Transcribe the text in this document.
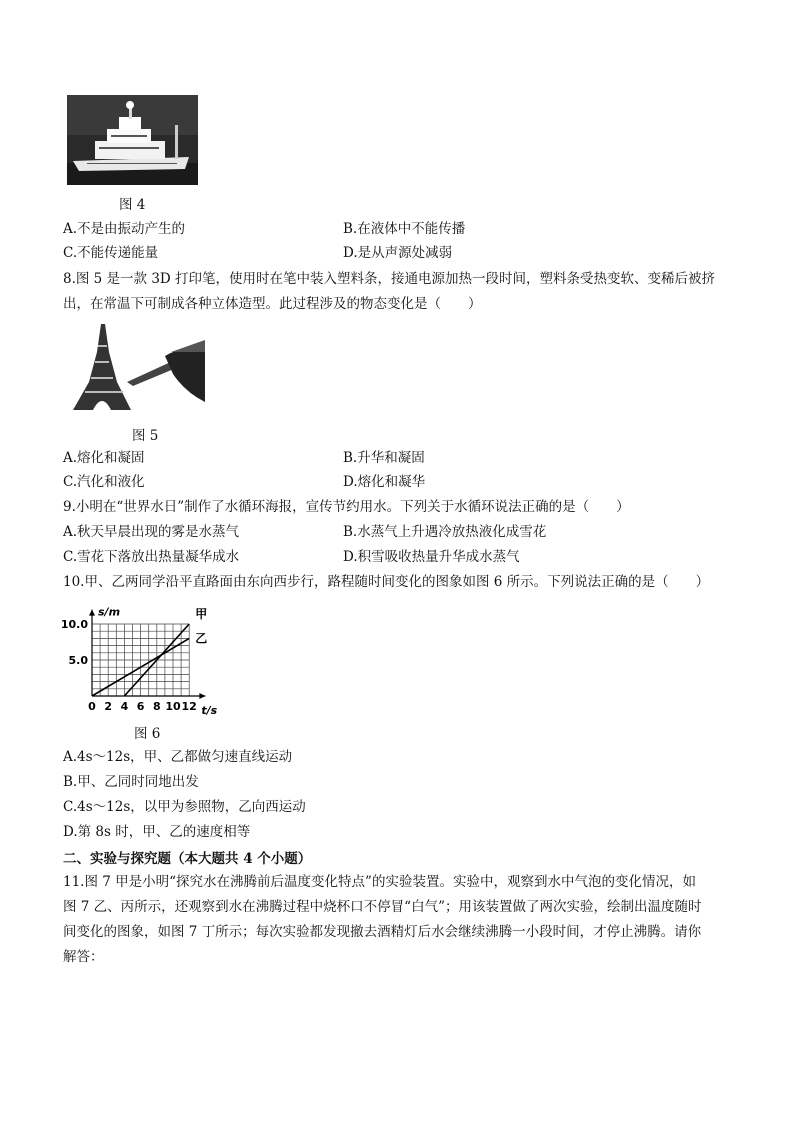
图 4
A.不是由振动产生的	B.在液体中不能传播
C.不能传递能量	D.是从声源处减弱
8.图 5 是一款 3D 打印笔，使用时在笔中装入塑料条，接通电源加热一段时间，塑料条受热变软、变稀后被挤
出，在常温下可制成各种立体造型。此过程涉及的物态变化是（　　）
图 5
A.熔化和凝固	B.升华和凝固
C.汽化和液化	D.熔化和凝华
9.小明在“世界水日”制作了水循环海报，宣传节约用水。下列关于水循环说法正确的是（　　）
A.秋天早晨出现的雾是水蒸气	B.水蒸气上升遇冷放热液化成雪花
C.雪花下落放出热量凝华成水	D.积雪吸收热量升华成水蒸气
10.甲、乙两同学沿平直路面由东向西步行，路程随时间变化的图象如图 6 所示。下列说法正确的是（　　）
甲
乙
0 2 4 6 8 10 12
5.0
10.0
s/m
t/s
图 6
A.4s～12s，甲、乙都做匀速直线运动
B.甲、乙同时同地出发
C.4s～12s，以甲为参照物，乙向西运动
D.第 8s 时，甲、乙的速度相等
二、实验与探究题（本大题共 4 个小题）
11.图 7 甲是小明“探究水在沸腾前后温度变化特点”的实验装置。实验中，观察到水中气泡的变化情况，如
图 7 乙、丙所示，还观察到水在沸腾过程中烧杯口不停冒“白气”；用该装置做了两次实验，绘制出温度随时
间变化的图象，如图 7 丁所示；每次实验都发现撤去酒精灯后水会继续沸腾一小段时间，才停止沸腾。请你
解答：
